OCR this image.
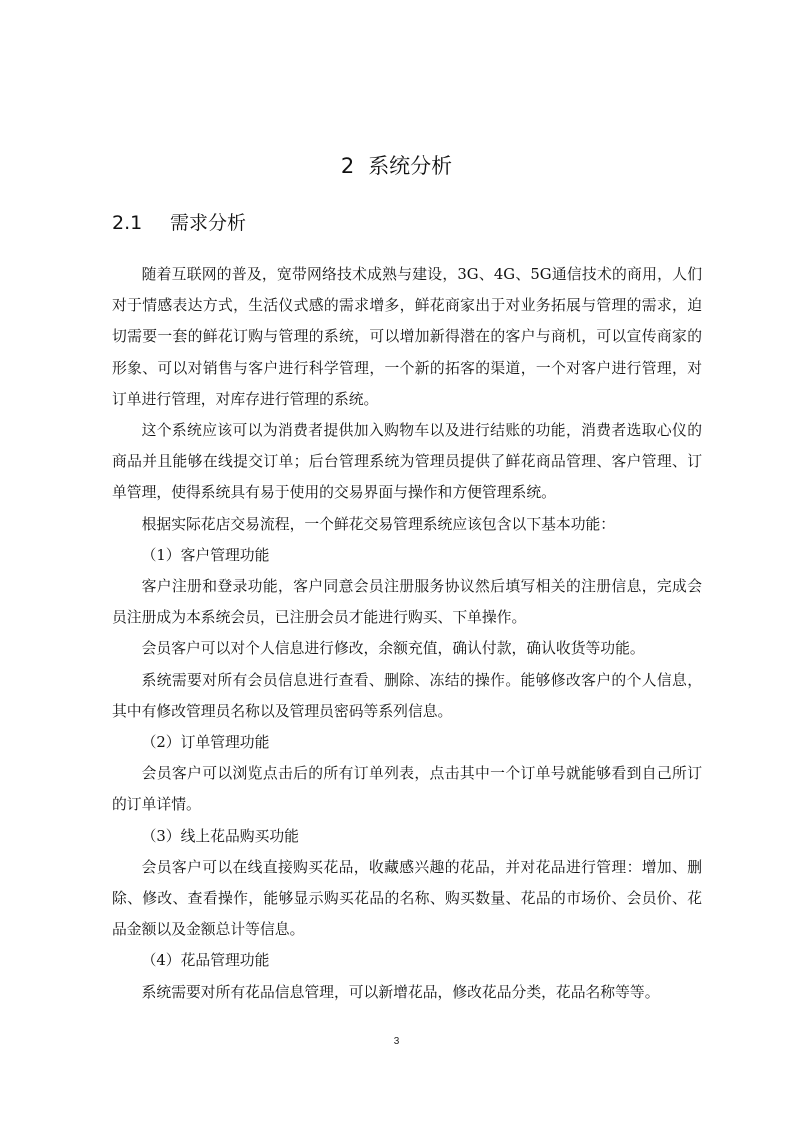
2 系统分析
2.1 需求分析

随着互联网的普及，宽带网络技术成熟与建设，3G、4G、5G通信技术的商用，人们对于情感表达方式，生活仪式感的需求增多，鲜花商家出于对业务拓展与管理的需求，迫切需要一套的鲜花订购与管理的系统，可以增加新得潜在的客户与商机，可以宣传商家的形象、可以对销售与客户进行科学管理，一个新的拓客的渠道，一个对客户进行管理，对订单进行管理，对库存进行管理的系统。

这个系统应该可以为消费者提供加入购物车以及进行结账的功能，消费者选取心仪的商品并且能够在线提交订单；后台管理系统为管理员提供了鲜花商品管理、客户管理、订单管理，使得系统具有易于使用的交易界面与操作和方便管理系统。

根据实际花店交易流程，一个鲜花交易管理系统应该包含以下基本功能：

（1）客户管理功能

客户注册和登录功能，客户同意会员注册服务协议然后填写相关的注册信息，完成会员注册成为本系统会员，已注册会员才能进行购买、下单操作。

会员客户可以对个人信息进行修改，余额充值，确认付款，确认收货等功能。

系统需要对所有会员信息进行查看、删除、冻结的操作。能够修改客户的个人信息，其中有修改管理员名称以及管理员密码等系列信息。

（2）订单管理功能

会员客户可以浏览点击后的所有订单列表，点击其中一个订单号就能够看到自己所订的订单详情。

（3）线上花品购买功能

会员客户可以在线直接购买花品，收藏感兴趣的花品，并对花品进行管理：增加、删除、修改、查看操作，能够显示购买花品的名称、购买数量、花品的市场价、会员价、花品金额以及金额总计等信息。

（4）花品管理功能

系统需要对所有花品信息管理，可以新增花品，修改花品分类，花品名称等等。

3
